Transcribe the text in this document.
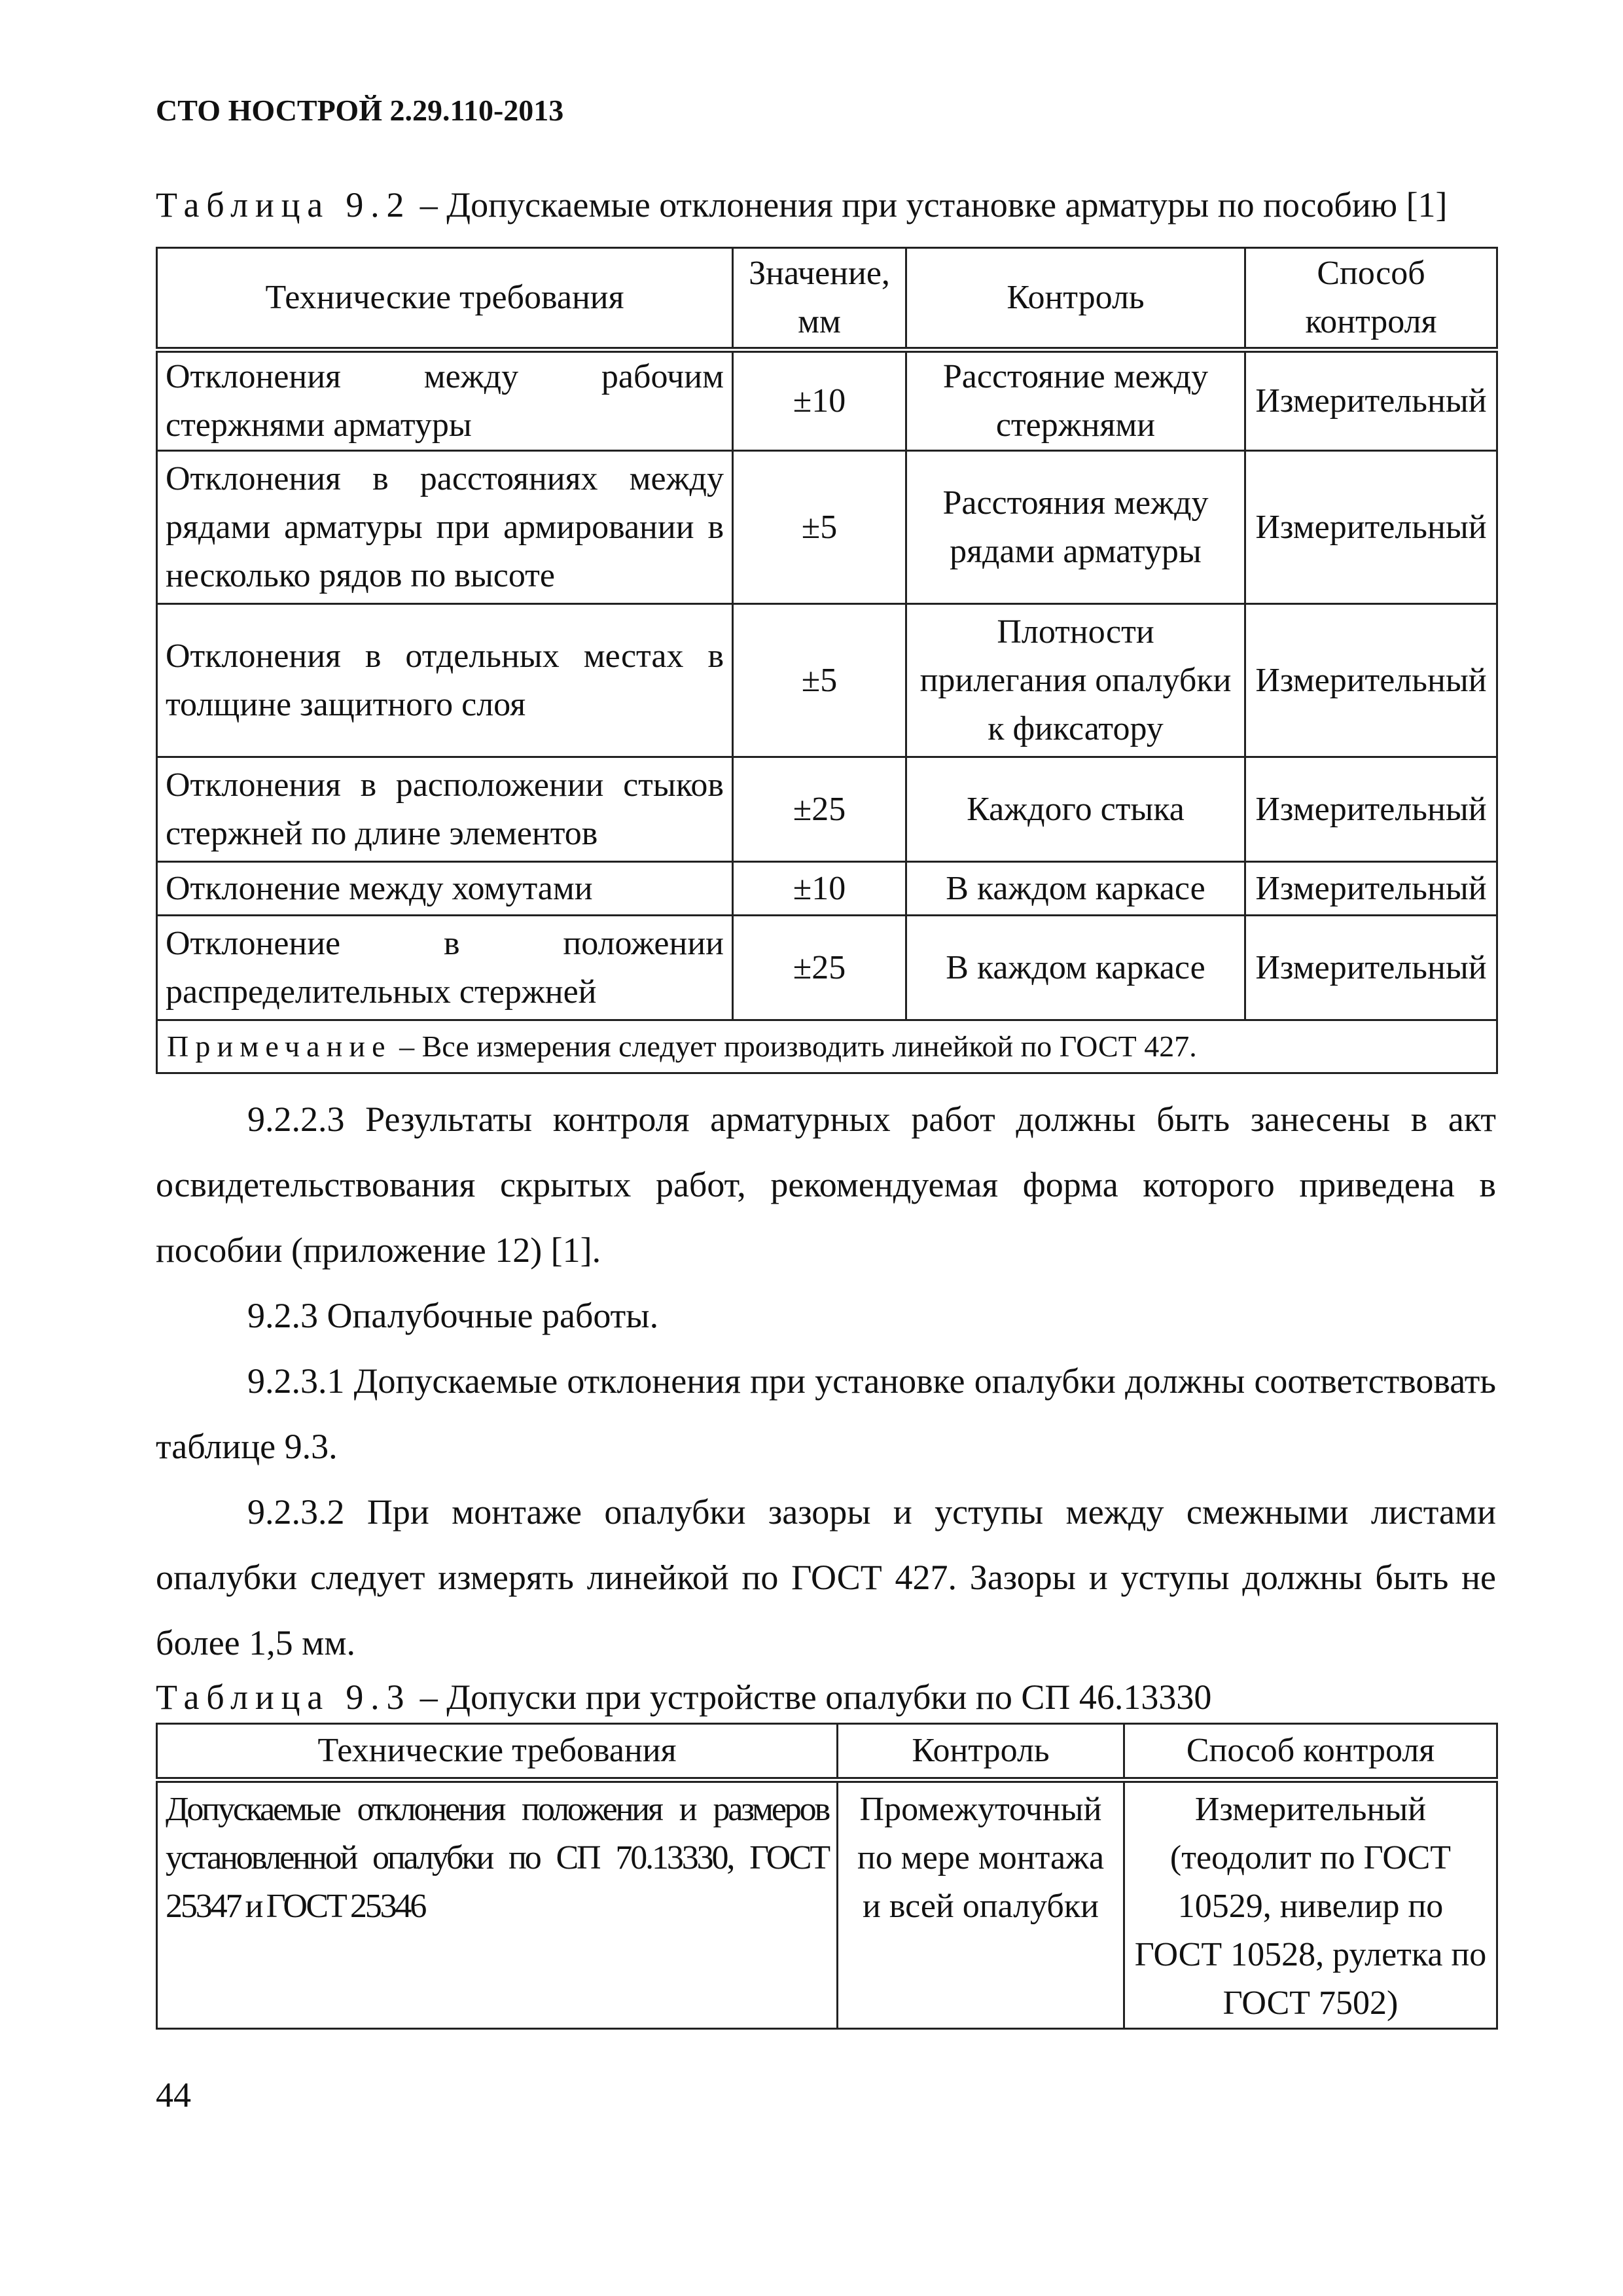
СТО НОСТРОЙ 2.29.110-2013
Таблица 9.2 – Допускаемые отклонения при установке арматуры по пособию [1]
Технические требования	Значение, мм	Контроль	Способ контроля
Отклонения между рабочим стержнями арматуры	±10	Расстояние между стержнями	Измерительный
Отклонения в расстояниях между рядами арматуры при армировании в несколько рядов по высоте	±5	Расстояния между рядами арматуры	Измерительный
Отклонения в отдельных местах в толщине защитного слоя	±5	Плотности прилегания опалубки к фиксатору	Измерительный
Отклонения в расположении стыков стержней по длине элементов	±25	Каждого стыка	Измерительный
Отклонение между хомутами	±10	В каждом каркасе	Измерительный
Отклонение в положении распределительных стержней	±25	В каждом каркасе	Измерительный
Примечание – Все измерения следует производить линейкой по ГОСТ 427.			
9.2.2.3 Результаты контроля арматурных работ должны быть занесены в акт освидетельствования скрытых работ, рекомендуемая форма которого приведена в пособии (приложение 12) [1].
9.2.3 Опалубочные работы.
9.2.3.1 Допускаемые отклонения при установке опалубки должны соответствовать таблице 9.3.
9.2.3.2 При монтаже опалубки зазоры и уступы между смежными листами опалубки следует измерять линейкой по ГОСТ 427. Зазоры и уступы должны быть не более 1,5 мм.
Таблица 9.3 – Допуски при устройстве опалубки по СП 46.13330
Технические требования	Контроль	Способ контроля
Допускаемые отклонения положения и размеров установленной опалубки по СП 70.13330, ГОСТ 25347 и ГОСТ 25346	Промежуточный по мере монтажа и всей опалубки	Измерительный (теодолит по ГОСТ 10529, нивелир по ГОСТ 10528, рулетка по ГОСТ 7502)
44
